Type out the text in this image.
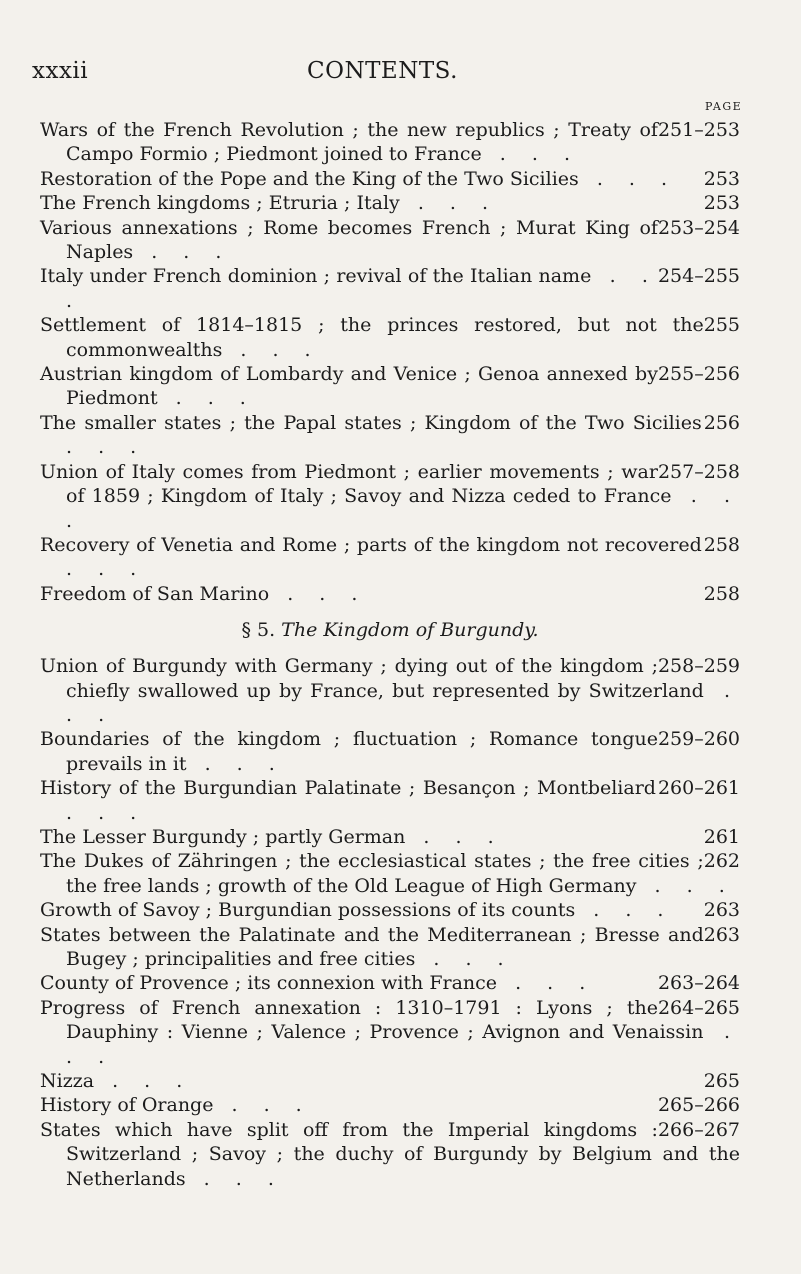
xxxii	CONTENTS.
PAGE
251–253
Wars of the French Revolution ; the new republics ; Treaty of Campo Formio ; Piedmont joined to France . . .
253
Restoration of the Pope and the King of the Two Sicilies . . .
253
The French kingdoms ; Etruria ; Italy . . .
253–254
Various annexations ; Rome becomes French ; Murat King of Naples . . .
254–255
Italy under French dominion ; revival of the Italian name . . .
255
Settlement of 1814–1815 ; the princes restored, but not the commonwealths . . .
255–256
Austrian kingdom of Lombardy and Venice ; Genoa annexed by Piedmont . . .
256
The smaller states ; the Papal states ; Kingdom of the Two Sicilies . . .
257–258
Union of Italy comes from Piedmont ; earlier movements ; war of 1859 ; Kingdom of Italy ; Savoy and Nizza ceded to France . . .
258
Recovery of Venetia and Rome ; parts of the kingdom not recovered . . .
258
Freedom of San Marino . . .
§ 5. The Kingdom of Burgundy.
258–259
Union of Burgundy with Germany ; dying out of the kingdom ; chiefly swallowed up by France, but represented by Switzerland . . .
259–260
Boundaries of the kingdom ; fluctuation ; Romance tongue prevails in it . . .
260–261
History of the Burgundian Palatinate ; Besançon ; Montbeliard . . .
261
The Lesser Burgundy ; partly German . . .
262
The Dukes of Zähringen ; the ecclesiastical states ; the free cities ; the free lands ; growth of the Old League of High Germany . . .
263
Growth of Savoy ; Burgundian possessions of its counts . . .
263
States between the Palatinate and the Mediterranean ; Bresse and Bugey ; principalities and free cities . . .
263–264
County of Provence ; its connexion with France . . .
264–265
Progress of French annexation : 1310–1791 : Lyons ; the Dauphiny : Vienne ; Valence ; Provence ; Avignon and Venaissin . . .
265
Nizza . . .
265–266
History of Orange . . .
266–267
States which have split off from the Imperial kingdoms : Switzerland ; Savoy ; the duchy of Burgundy by Belgium and the Netherlands . . .
